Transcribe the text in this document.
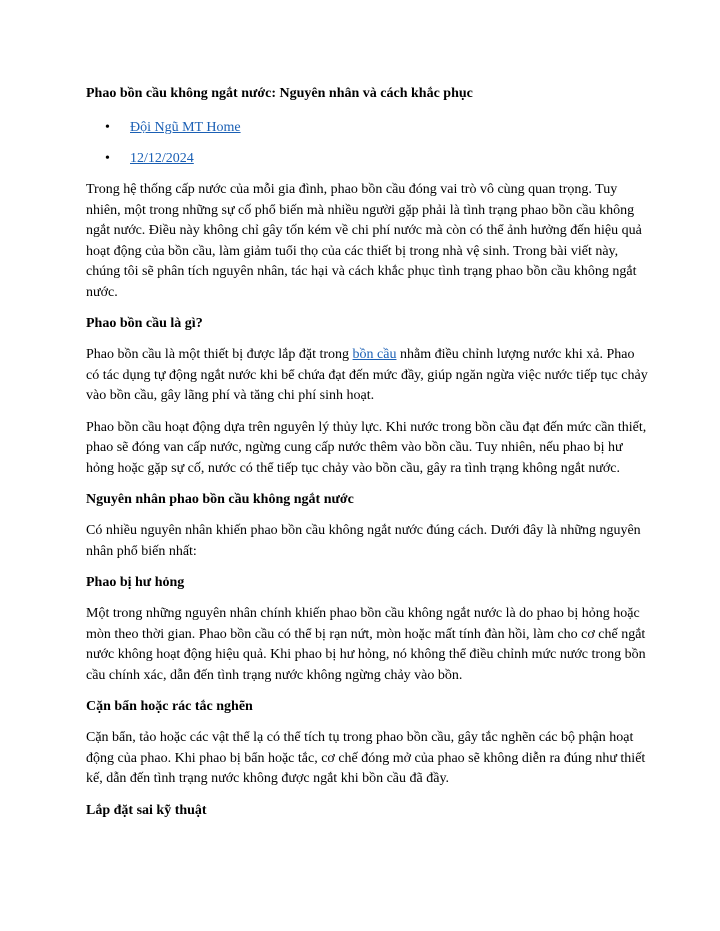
Phao bồn cầu không ngắt nước: Nguyên nhân và cách khắc phục
• Đội Ngũ MT Home
• 12/12/2024

Trong hệ thống cấp nước của mỗi gia đình, phao bồn cầu đóng vai trò vô cùng quan trọng. Tuy nhiên, một trong những sự cố phổ biến mà nhiều người gặp phải là tình trạng phao bồn cầu không ngắt nước. Điều này không chỉ gây tốn kém về chi phí nước mà còn có thể ảnh hưởng đến hiệu quả hoạt động của bồn cầu, làm giảm tuổi thọ của các thiết bị trong nhà vệ sinh. Trong bài viết này, chúng tôi sẽ phân tích nguyên nhân, tác hại và cách khắc phục tình trạng phao bồn cầu không ngắt nước.

Phao bồn cầu là gì?

Phao bồn cầu là một thiết bị được lắp đặt trong bồn cầu nhằm điều chỉnh lượng nước khi xả. Phao có tác dụng tự động ngắt nước khi bể chứa đạt đến mức đầy, giúp ngăn ngừa việc nước tiếp tục chảy vào bồn cầu, gây lãng phí và tăng chi phí sinh hoạt.

Phao bồn cầu hoạt động dựa trên nguyên lý thủy lực. Khi nước trong bồn cầu đạt đến mức cần thiết, phao sẽ đóng van cấp nước, ngừng cung cấp nước thêm vào bồn cầu. Tuy nhiên, nếu phao bị hư hỏng hoặc gặp sự cố, nước có thể tiếp tục chảy vào bồn cầu, gây ra tình trạng không ngắt nước.

Nguyên nhân phao bồn cầu không ngắt nước

Có nhiều nguyên nhân khiến phao bồn cầu không ngắt nước đúng cách. Dưới đây là những nguyên nhân phổ biến nhất:

Phao bị hư hỏng

Một trong những nguyên nhân chính khiến phao bồn cầu không ngắt nước là do phao bị hỏng hoặc mòn theo thời gian. Phao bồn cầu có thể bị rạn nứt, mòn hoặc mất tính đàn hồi, làm cho cơ chế ngắt nước không hoạt động hiệu quả. Khi phao bị hư hỏng, nó không thể điều chỉnh mức nước trong bồn cầu chính xác, dẫn đến tình trạng nước không ngừng chảy vào bồn.

Cặn bẩn hoặc rác tắc nghẽn

Cặn bẩn, tảo hoặc các vật thể lạ có thể tích tụ trong phao bồn cầu, gây tắc nghẽn các bộ phận hoạt động của phao. Khi phao bị bẩn hoặc tắc, cơ chế đóng mở của phao sẽ không diễn ra đúng như thiết kế, dẫn đến tình trạng nước không được ngắt khi bồn cầu đã đầy.

Lắp đặt sai kỹ thuật
